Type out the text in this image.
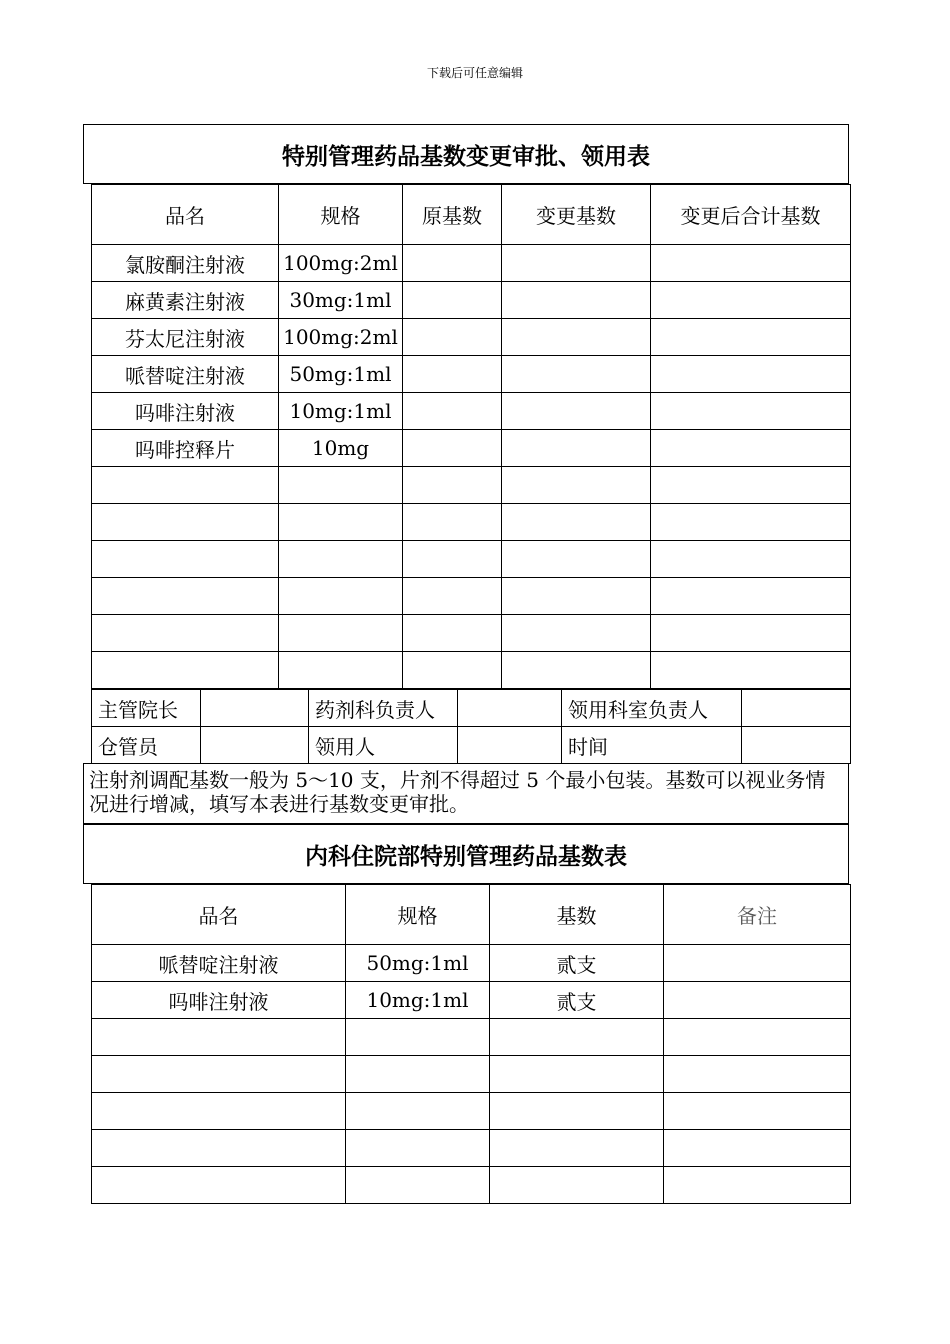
下载后可任意编辑
特别管理药品基数变更审批、领用表
品名	规格	原基数	变更基数	变更后合计基数
氯胺酮注射液	100mg:2ml			
麻黄素注射液	30mg:1ml			
芬太尼注射液	100mg:2ml			
哌替啶注射液	50mg:1ml			
吗啡注射液	10mg:1ml			
吗啡控释片	10mg			

主管院长		药剂科负责人		领用科室负责人	
仓管员		领用人		时间	
注射剂调配基数一般为 5～10 支，片剂不得超过 5 个最小包装。基数可以视业务情况进行增减，填写本表进行基数变更审批。
内科住院部特别管理药品基数表
品名	规格	基数	备注
哌替啶注射液	50mg:1ml	贰支	
吗啡注射液	10mg:1ml	贰支	
